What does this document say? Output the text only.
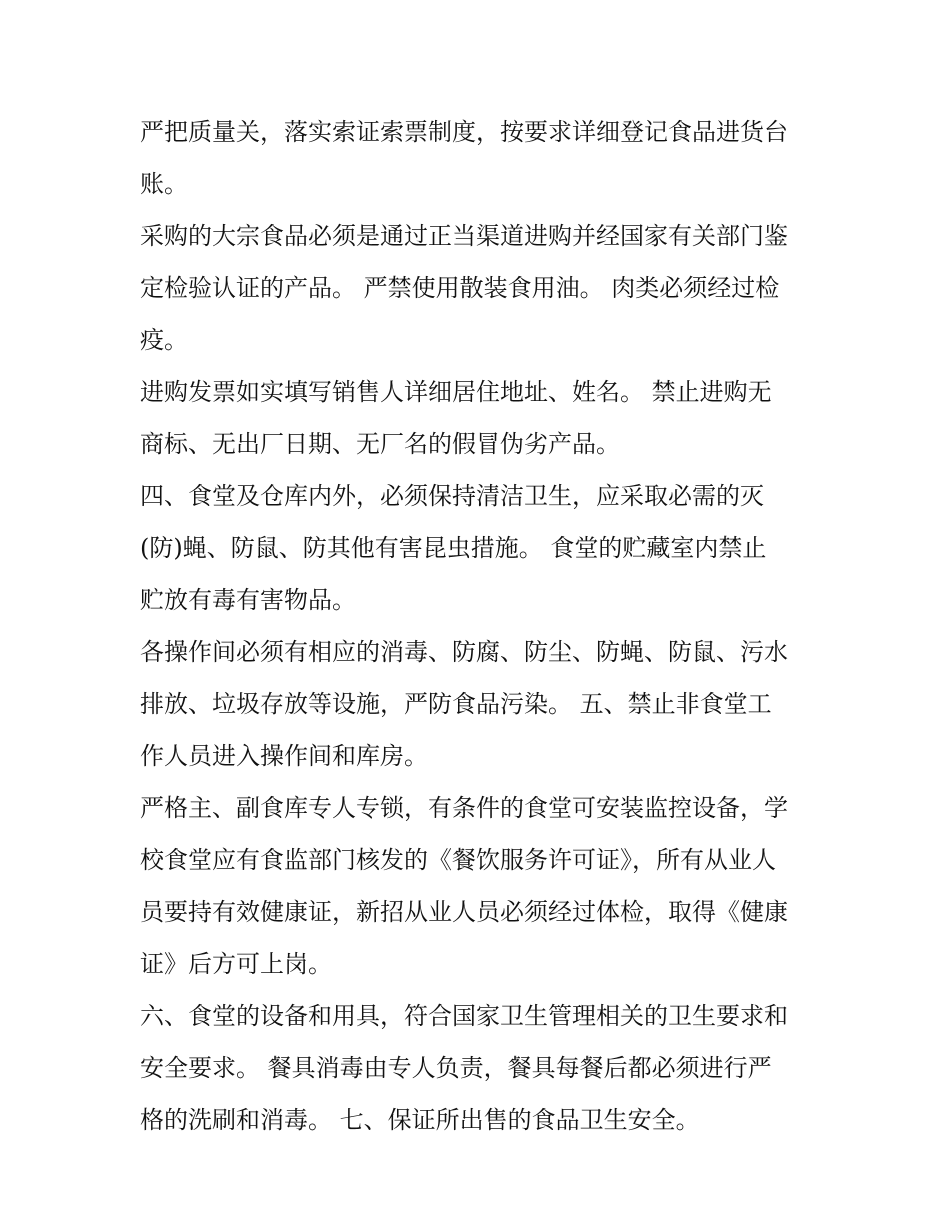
严把质量关，落实索证索票制度，按要求详细登记食品进货台
账。
采购的大宗食品必须是通过正当渠道进购并经国家有关部门鉴
定检验认证的产品。 严禁使用散装食用油。 肉类必须经过检
疫。
进购发票如实填写销售人详细居住地址、姓名。 禁止进购无
商标、无出厂日期、无厂名的假冒伪劣产品。
四、食堂及仓库内外，必须保持清洁卫生，应采取必需的灭
(防)蝇、防鼠、防其他有害昆虫措施。 食堂的贮藏室内禁止
贮放有毒有害物品。
各操作间必须有相应的消毒、防腐、防尘、防蝇、防鼠、污水
排放、垃圾存放等设施，严防食品污染。 五、禁止非食堂工
作人员进入操作间和库房。
严格主、副食库专人专锁，有条件的食堂可安装监控设备，学
校食堂应有食监部门核发的《餐饮服务许可证》，所有从业人
员要持有效健康证，新招从业人员必须经过体检，取得《健康
证》后方可上岗。
六、食堂的设备和用具，符合国家卫生管理相关的卫生要求和
安全要求。 餐具消毒由专人负责，餐具每餐后都必须进行严
格的洗刷和消毒。 七、保证所出售的食品卫生安全。
